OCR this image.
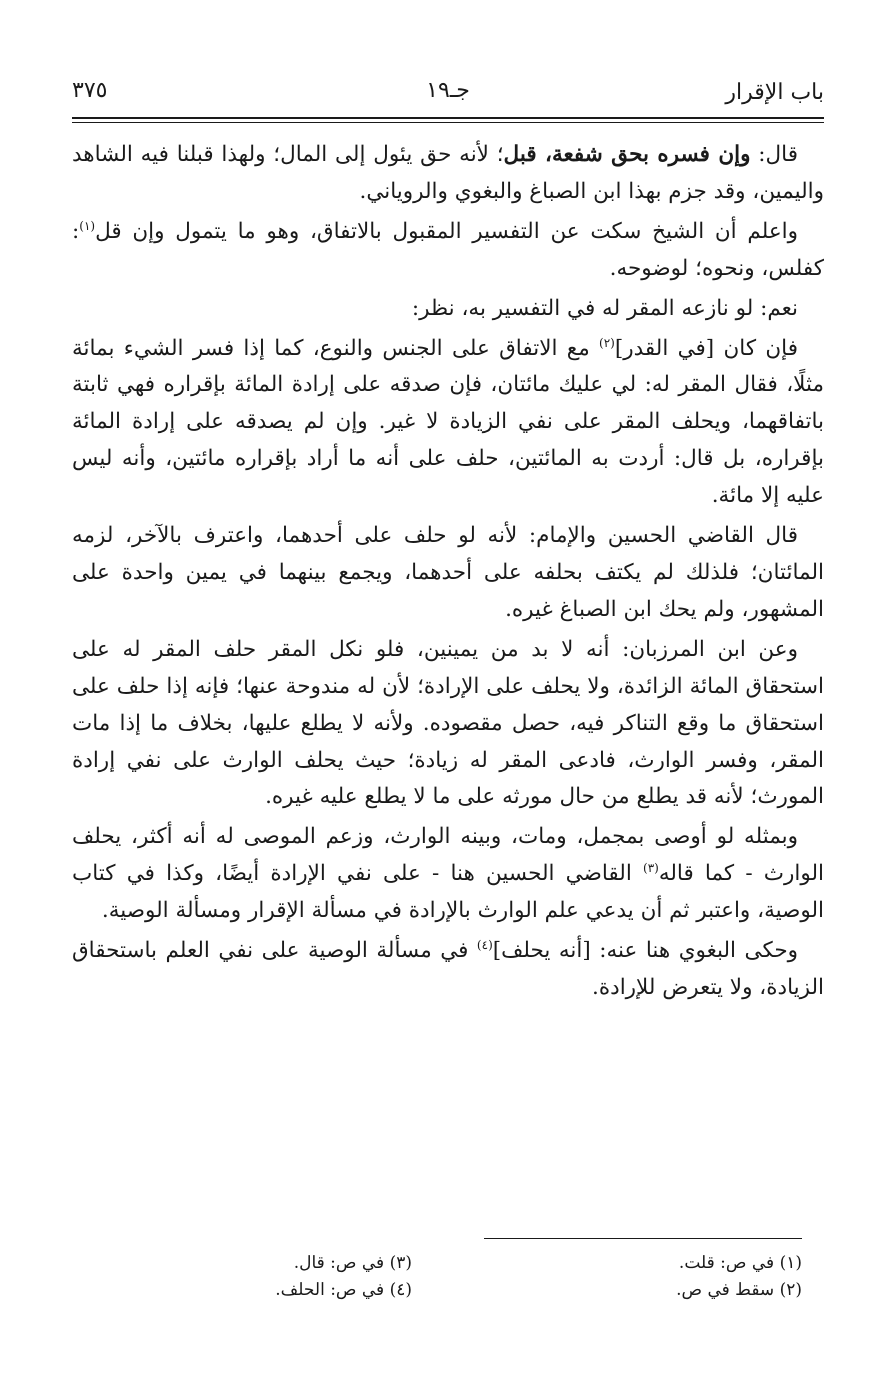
باب الإقرار
جـ١٩
٣٧٥

قال: وإن فسره بحق شفعة، قبل؛ لأنه حق يئول إلى المال؛ ولهذا قبلنا فيه الشاهد واليمين، وقد جزم بهذا ابن الصباغ والبغوي والروياني.

واعلم أن الشيخ سكت عن التفسير المقبول بالاتفاق، وهو ما يتمول وإن قل$^{(١)}$: كفلس، ونحوه؛ لوضوحه.

نعم: لو نازعه المقر له في التفسير به، نظر:

فإن كان [في القدر]$^{(٢)}$ مع الاتفاق على الجنس والنوع، كما إذا فسر الشيء بمائة مثلًا، فقال المقر له: لي عليك مائتان، فإن صدقه على إرادة المائة بإقراره فهي ثابتة باتفاقهما، ويحلف المقر على نفي الزيادة لا غير. وإن لم يصدقه على إرادة المائة بإقراره، بل قال: أردت به المائتين، حلف على أنه ما أراد بإقراره مائتين، وأنه ليس عليه إلا مائة.

قال القاضي الحسين والإمام: لأنه لو حلف على أحدهما، واعترف بالآخر، لزمه المائتان؛ فلذلك لم يكتف بحلفه على أحدهما، ويجمع بينهما في يمين واحدة على المشهور، ولم يحك ابن الصباغ غيره.

وعن ابن المرزبان: أنه لا بد من يمينين، فلو نكل المقر حلف المقر له على استحقاق المائة الزائدة، ولا يحلف على الإرادة؛ لأن له مندوحة عنها؛ فإنه إذا حلف على استحقاق ما وقع التناكر فيه، حصل مقصوده. ولأنه لا يطلع عليها، بخلاف ما إذا مات المقر، وفسر الوارث، فادعى المقر له زيادة؛ حيث يحلف الوارث على نفي إرادة المورث؛ لأنه قد يطلع من حال مورثه على ما لا يطلع عليه غيره.

وبمثله لو أوصى بمجمل، ومات، وبينه الوارث، وزعم الموصى له أنه أكثر، يحلف الوارث - كما قاله$^{(٣)}$ القاضي الحسين هنا - على نفي الإرادة أيضًا، وكذا في كتاب الوصية، واعتبر ثم أن يدعي علم الوارث بالإرادة في مسألة الإقرار ومسألة الوصية.

وحكى البغوي هنا عنه: [أنه يحلف]$^{(٤)}$ في مسألة الوصية على نفي العلم باستحقاق الزيادة، ولا يتعرض للإرادة.

(١) في ص: قلت.
(٢) سقط في ص.
(٣) في ص: قال.
(٤) في ص: الحلف.
